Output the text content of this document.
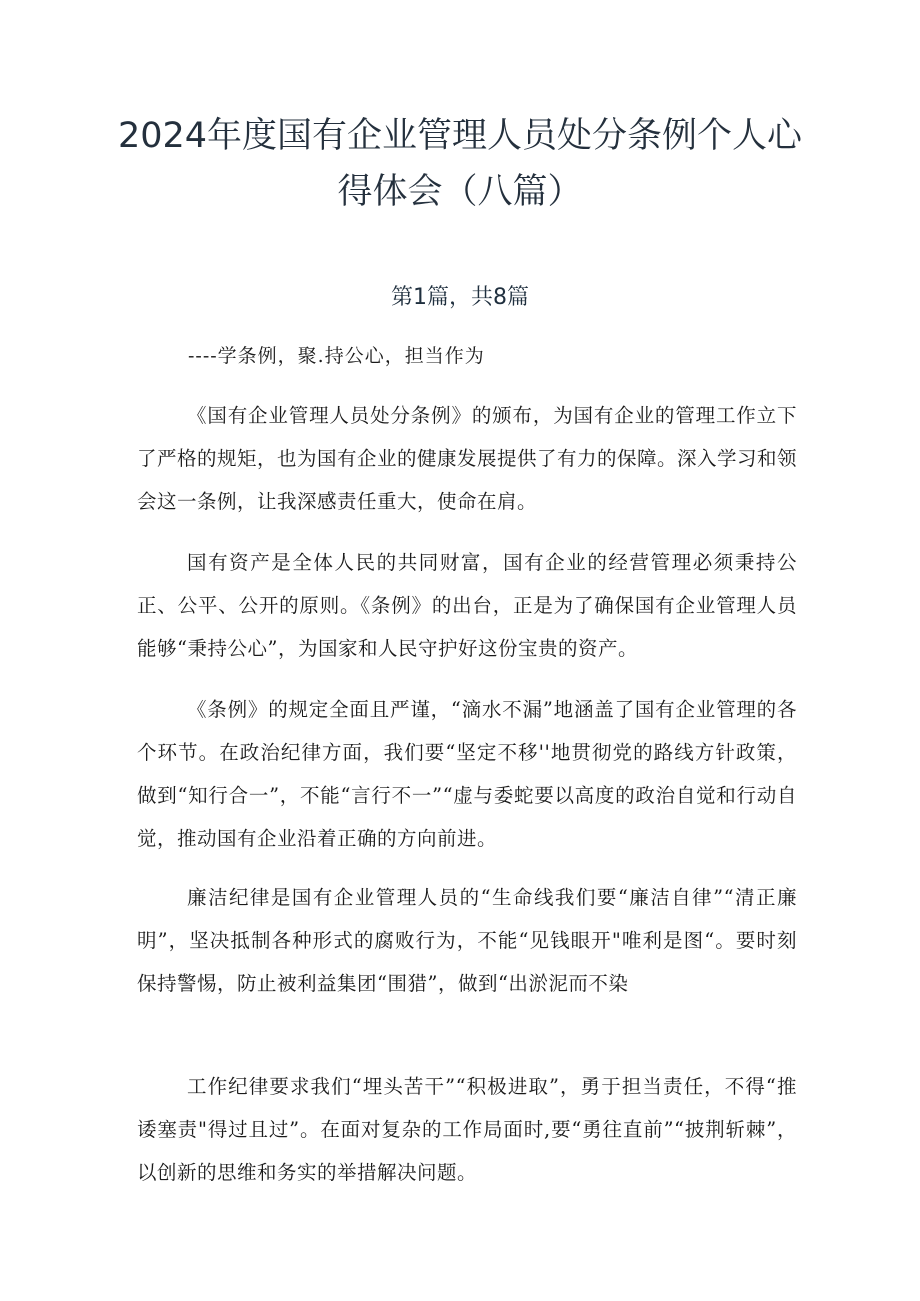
2024年度国有企业管理人员处分条例个人心得体会（八篇）
第1篇，共8篇
----学条例，聚.持公心，担当作为
《国有企业管理人员处分条例》的颁布，为国有企业的管理工作立下了严格的规矩，也为国有企业的健康发展提供了有力的保障。深入学习和领会这一条例，让我深感责任重大，使命在肩。
国有资产是全体人民的共同财富，国有企业的经营管理必须秉持公正、公平、公开的原则。《条例》的出台，正是为了确保国有企业管理人员能够“秉持公心”，为国家和人民守护好这份宝贵的资产。
《条例》的规定全面且严谨，“滴水不漏”地涵盖了国有企业管理的各个环节。在政治纪律方面，我们要“坚定不移''地贯彻党的路线方针政策，做到“知行合一”，不能“言行不一”“虚与委蛇要以高度的政治自觉和行动自觉，推动国有企业沿着正确的方向前进。
廉洁纪律是国有企业管理人员的“生命线我们要“廉洁自律”“清正廉明”，坚决抵制各种形式的腐败行为，不能“见钱眼开"唯利是图“。要时刻保持警惕，防止被利益集团“围猎”，做到“出淤泥而不染
工作纪律要求我们“埋头苦干”“积极进取”，勇于担当责任，不得“推诿塞责"得过且过”。在面对复杂的工作局面时,要“勇往直前”“披荆斩棘”，以创新的思维和务实的举措解决问题。
